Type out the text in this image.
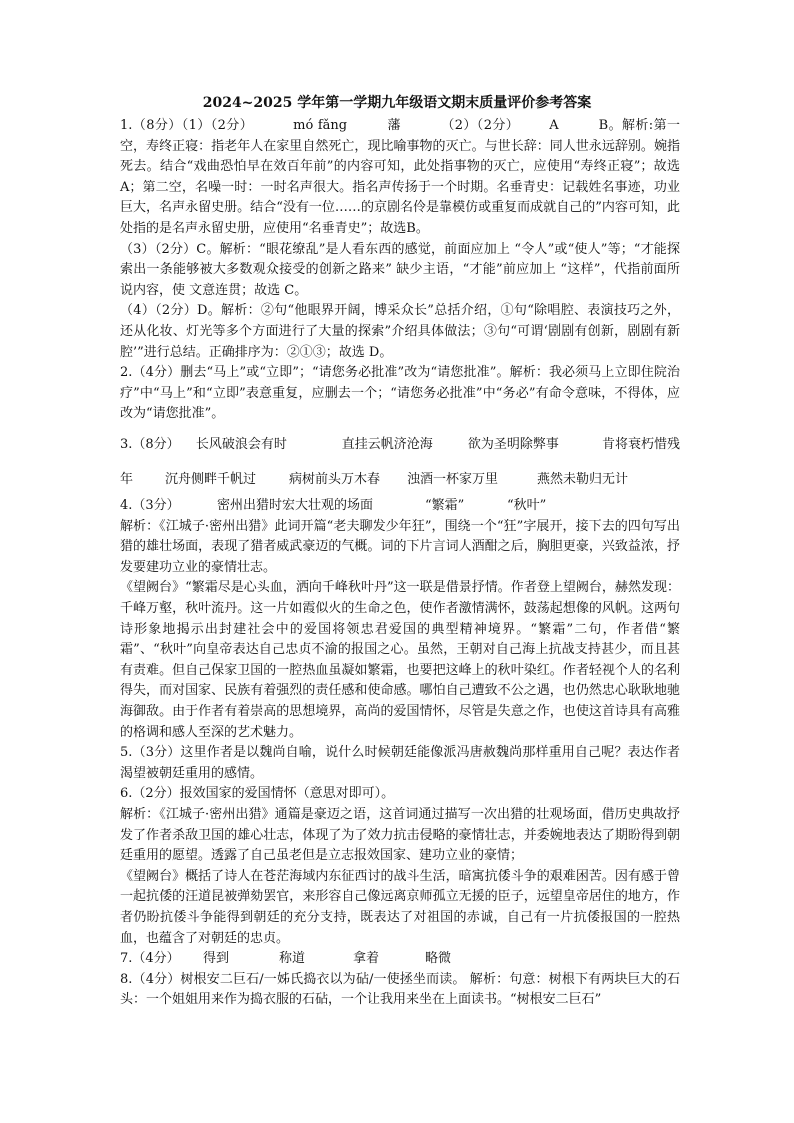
2024~2025 学年第一学期九年级语文期末质量评价参考答案
1.（8分）（1）（2分）	mó fǎng	藩	（2）（2分） A	B。解析:第一空，寿终正寝：指老年人在家里自然死亡，现比喻事物的灭亡。与世长辞：同人世永远辞别。婉指死去。结合“戏曲恐怕早在效百年前”的内容可知，此处指事物的灭亡，应使用“寿终正寝”；故选A；第二空，名噪一时：一时名声很大。指名声传扬于一个时期。名垂青史：记载姓名事迹，功业巨大，名声永留史册。结合“没有一位……的京剧名伶是靠模仿或重复而成就自己的”内容可知，此处指的是名声永留史册，应使用“名垂青史”；故选B。
（3）（2分）C。解析：“眼花缭乱”是人看东西的感觉，前面应加上 “令人”或“使人”等；“才能探索出一条能够被大多数观众接受的创新之路来” 缺少主语，“才能”前应加上 “这样”，代指前面所说内容，使 文意连贯；故选 C。
（4）（2分）D。解析：②句“他眼界开阔，博采众长”总括介绍，①句“除唱腔、表演技巧之外，还从化妆、灯光等多个方面进行了大量的探索”介绍具体做法；③句“可谓‘剧剧有创新，剧剧有新腔’”进行总结。正确排序为：②①③；故选 D。
2.（4分）删去“马上”或“立即”；“请您务必批准”改为“请您批准”。解析：我必须马上立即住院治疗”中“马上”和“立即”表意重复，应删去一个；“请您务必批准”中“务必”有命令意味，不得体，应改为“请您批准”。
3.（8分）	长风破浪会有时	直挂云帆济沧海	欲为圣明除弊事	肯将衰朽惜残
年	沉舟侧畔千帆过	病树前头万木春	浊酒一杯家万里	燕然未勒归无计
4.（3分）	密州出猎时宏大壮观的场面	“繁霜”	“秋叶”
解析：《江城子·密州出猎》此词开篇“老夫聊发少年狂”，围绕一个“狂”字展开，接下去的四句写出猎的雄壮场面，表现了猎者威武豪迈的气概。词的下片言词人酒酣之后，胸胆更豪，兴致益浓，抒发要建功立业的豪情壮志。
《望阙台》“繁霜尽是心头血，洒向千峰秋叶丹”这一联是借景抒情。作者登上望阙台，赫然发现：千峰万壑，秋叶流丹。这一片如霞似火的生命之色，使作者激情满怀，鼓荡起想像的风帆。这两句诗形象地揭示出封建社会中的爱国将领忠君爱国的典型精神境界。“繁霜”二句，作者借“繁霜”、“秋叶”向皇帝表达自己忠贞不渝的报国之心。虽然，王朝对自己海上抗战支持甚少，而且甚有责难。但自己保家卫国的一腔热血虽凝如繁霜，也要把这峰上的秋叶染红。作者轻视个人的名利得失，而对国家、民族有着强烈的责任感和使命感。哪怕自己遭致不公之遇，也仍然忠心耿耿地驰海御敌。由于作者有着崇高的思想境界，高尚的爱国情怀，尽管是失意之作，也使这首诗具有高雅的格调和感人至深的艺术魅力。
5.（3分）这里作者是以魏尚自喻，说什么时候朝廷能像派冯唐赦魏尚那样重用自己呢？表达作者渴望被朝廷重用的感情。
6.（2分）报效国家的爱国情怀（意思对即可）。
解析：《江城子·密州出猎》通篇是豪迈之语，这首词通过描写一次出猎的壮观场面，借历史典故抒发了作者杀敌卫国的雄心壮志，体现了为了效力抗击侵略的豪情壮志，并委婉地表达了期盼得到朝廷重用的愿望。透露了自己虽老但是立志报效国家、建功立业的豪情；
《望阙台》概括了诗人在苍茫海域内东征西讨的战斗生活，暗寓抗倭斗争的艰难困苦。因有感于曾一起抗倭的汪道昆被弹劾罢官，来形容自己像远离京师孤立无援的臣子，远望皇帝居住的地方，作者仍盼抗倭斗争能得到朝廷的充分支持，既表达了对祖国的赤诚，自己有一片抗倭报国的一腔热血，也蕴含了对朝廷的忠贞。
7.（4分）	得到	称道	拿着	略微
8.（4分）树根安二巨石/一姊氏捣衣以为砧/一使拯坐而读。 解析：句意：树根下有两块巨大的石头：一个姐姐用来作为捣衣服的石砧，一个让我用来坐在上面读书。“树根安二巨石”
